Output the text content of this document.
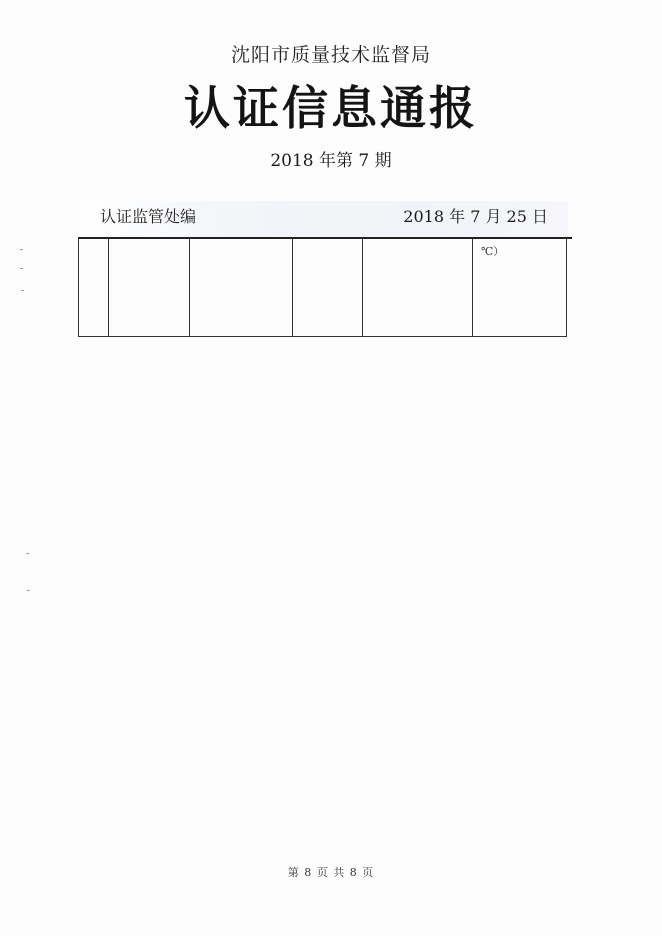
沈阳市质量技术监督局
认证信息通报
2018 年第 7 期
认证监管处编	2018 年 7 月 25 日
℃）
第 8 页 共 8 页
